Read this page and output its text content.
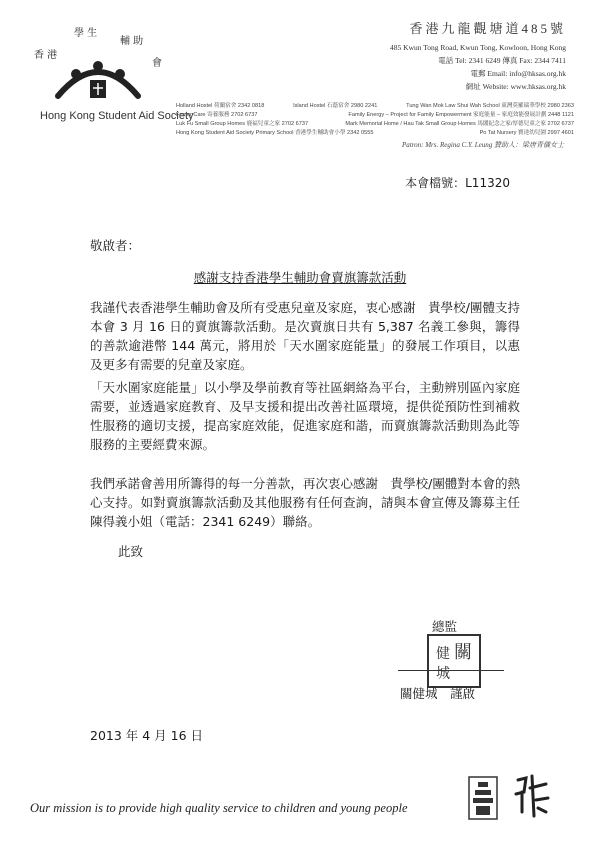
香 港
學 生
輔 助
會
Hong Kong Student Aid Society
香港九龍觀塘道485號
485 Kwun Tong Road, Kwun Tong, Kowloon, Hong Kong
電話 Tel: 2341 6249 傳真 Fax: 2344 7411
電郵 Email: info@hksas.org.hk
網址 Website: www.hksas.org.hk
Holland Hostel 荷蘭宿舍 2342 0818	Island Hostel 石蔭宿舍 2980 2241	Tung Wan Mok Law Shui Wah School 東灣莫羅瑞華學校 2980 2363
Foster Care 寄養服務 2702 6737	Family Energy – Project for Family Empowerment 家庭能量 – 家庭效能發展計劃 2448 1121
Luk Fu Small Group Homes 鹿福兒童之家 2702 6737	Mark Memorial Home / Hau Tak Small Group Homes 馬閣紀念之家/厚德兒童之家 2702 6737
Hong Kong Student Aid Society Primary School 香港學生輔助會小學 2342 0555	Po Tat Nursery 寶達幼兒園 2997 4601
Patron: Mrs. Regina C.Y. Leung 贊助人：梁唐青儀女士
本會檔號：L11320
敬啟者：
感謝支持香港學生輔助會賣旗籌款活動
我謹代表香港學生輔助會及所有受惠兒童及家庭，衷心感謝　貴學校/團體支持本會 3 月 16 日的賣旗籌款活動。是次賣旗日共有 5,387 名義工參與，籌得的善款逾港幣 144 萬元，將用於「天水圍家庭能量」的發展工作項目，以惠及更多有需要的兒童及家庭。
「天水圍家庭能量」以小學及學前教育等社區網絡為平台，主動辨別區內家庭需要，並透過家庭教育、及早支援和提出改善社區環境，提供從預防性到補救性服務的適切支援，提高家庭效能，促進家庭和諧，而賣旗籌款活動則為此等服務的主要經費來源。
我們承諾會善用所籌得的每一分善款，再次衷心感謝　貴學校/團體對本會的熱心支持。如對賣旗籌款活動及其他服務有任何查詢，請與本會宣傳及籌募主任陳得義小姐（電話：2341 6249）聯絡。
此致
總監
關
健
城
關健城　謹啟
2013 年 4 月 16 日
Our mission is to provide high quality service to children and young people
